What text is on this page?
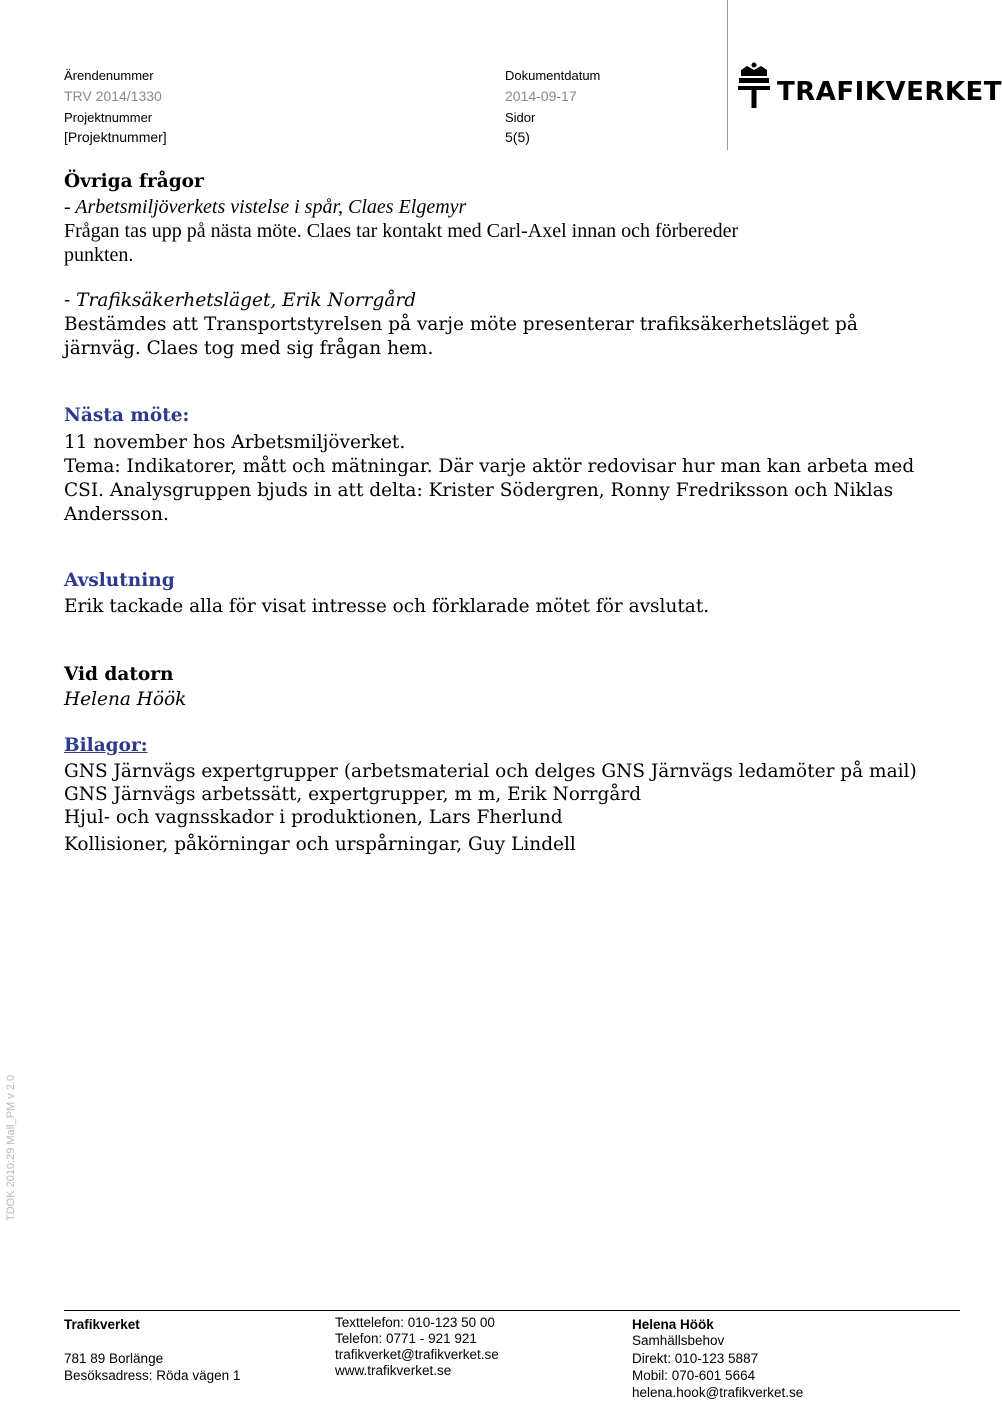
Ärendenummer
TRV 2014/1330
Projektnummer
[Projektnummer]
Dokumentdatum
2014-09-17
Sidor
5(5)
TRAFIKVERKET
Övriga frågor
- Arbetsmiljöverkets vistelse i spår, Claes Elgemyr
Frågan tas upp på nästa möte. Claes tar kontakt med Carl-Axel innan och förbereder
punkten.
- Trafiksäkerhetsläget, Erik Norrgård
Bestämdes att Transportstyrelsen på varje möte presenterar trafiksäkerhetsläget på
järnväg. Claes tog med sig frågan hem.
Nästa möte:
11 november hos Arbetsmiljöverket.
Tema: Indikatorer, mått och mätningar. Där varje aktör redovisar hur man kan arbeta med
CSI. Analysgruppen bjuds in att delta: Krister Södergren, Ronny Fredriksson och Niklas
Andersson.
Avslutning
Erik tackade alla för visat intresse och förklarade mötet för avslutat.
Vid datorn
Helena Höök
Bilagor:
GNS Järnvägs expertgrupper (arbetsmaterial och delges GNS Järnvägs ledamöter på mail)
GNS Järnvägs arbetssätt, expertgrupper, m m, Erik Norrgård
Hjul- och vagnsskador i produktionen, Lars Fherlund
Kollisioner, påkörningar och urspårningar, Guy Lindell
TDOK 2010:29 Mall_PM v 2.0
Trafikverket
781 89 Borlänge
Besöksadress: Röda vägen 1
Texttelefon: 010-123 50 00
Telefon: 0771 - 921 921
trafikverket@trafikverket.se
www.trafikverket.se
Helena Höök
Samhällsbehov
Direkt: 010-123 5887
Mobil: 070-601 5664
helena.hook@trafikverket.se
